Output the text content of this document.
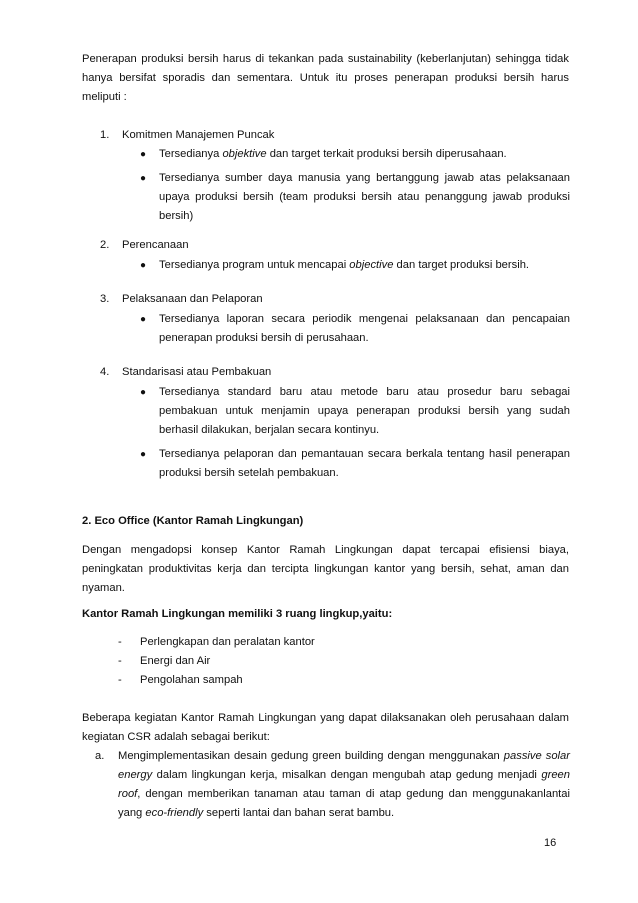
Penerapan produksi bersih harus di tekankan pada sustainability (keberlanjutan) sehingga tidak hanya bersifat sporadis dan sementara. Untuk itu proses penerapan produksi bersih harus meliputi :

1. Komitmen Manajemen Puncak

● Tersedianya objektive dan target terkait produksi bersih diperusahaan.
● Tersedianya sumber daya manusia yang bertanggung jawab atas pelaksanaan upaya produksi bersih (team produksi bersih atau penanggung jawab produksi bersih)

2. Perencanaan

● Tersedianya program untuk mencapai objective dan target produksi bersih.

3. Pelaksanaan dan Pelaporan

● Tersedianya laporan secara periodik mengenai pelaksanaan dan pencapaian penerapan produksi bersih di perusahaan.

4. Standarisasi atau Pembakuan

● Tersedianya standard baru atau metode baru atau prosedur baru sebagai pembakuan untuk menjamin upaya penerapan produksi bersih yang sudah berhasil dilakukan, berjalan secara kontinyu.
● Tersedianya pelaporan dan pemantauan secara berkala tentang hasil penerapan produksi bersih setelah pembakuan.

2. Eco Office (Kantor Ramah Lingkungan)

Dengan mengadopsi konsep Kantor Ramah Lingkungan dapat tercapai efisiensi biaya, peningkatan produktivitas kerja dan tercipta lingkungan kantor yang bersih, sehat, aman dan nyaman.

Kantor Ramah Lingkungan memiliki 3 ruang lingkup,yaitu:

- Perlengkapan dan peralatan kantor
- Energi dan Air
- Pengolahan sampah

Beberapa kegiatan Kantor Ramah Lingkungan yang dapat dilaksanakan oleh perusahaan dalam kegiatan CSR adalah sebagai berikut:

a. Mengimplementasikan desain gedung green building dengan menggunakan passive solar energy dalam lingkungan kerja, misalkan dengan mengubah atap gedung menjadi green roof, dengan memberikan tanaman atau taman di atap gedung dan menggunakanlantai yang eco-friendly seperti lantai dan bahan serat bambu.

16
